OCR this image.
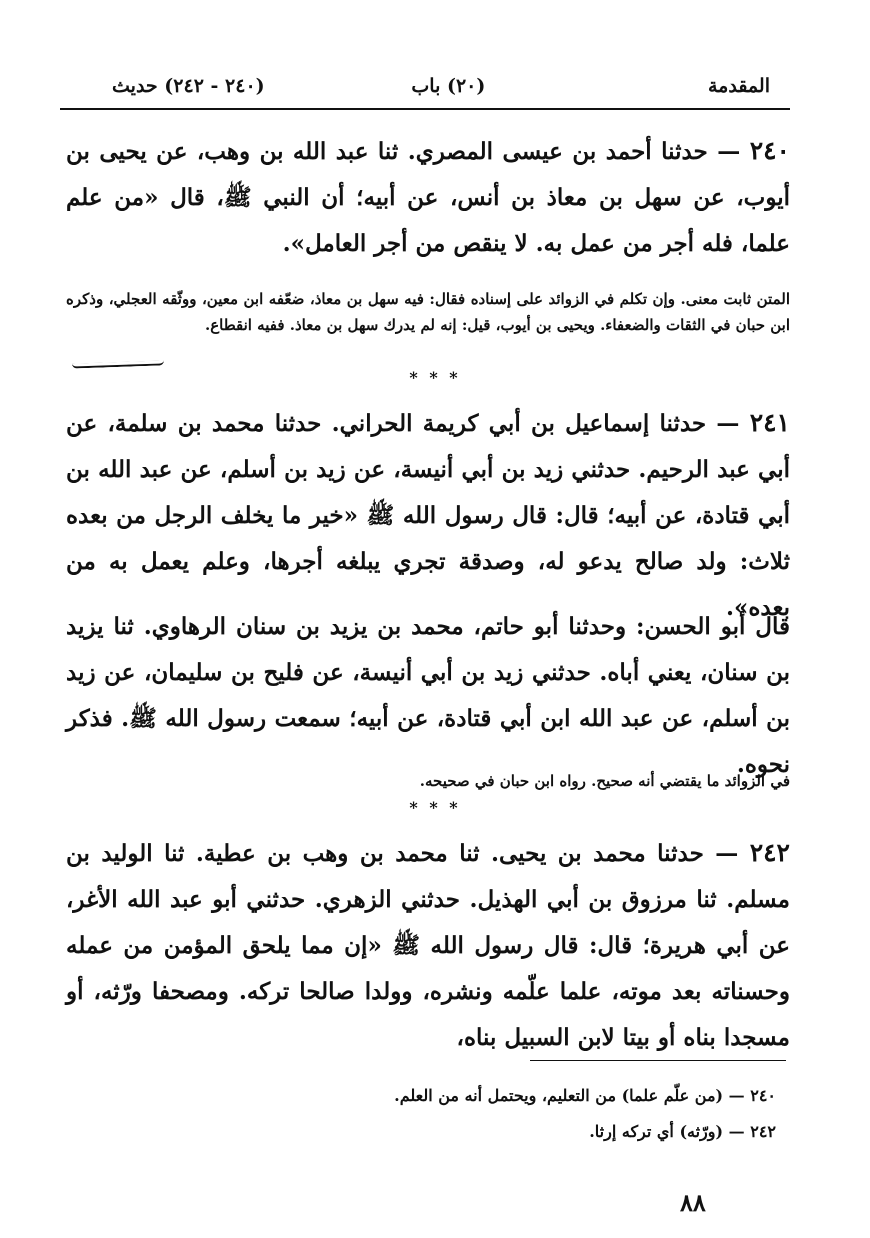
المقدمة
(٢٠) باب
(٢٤٠ - ٢٤٢) حديث
٢٤٠ — حدثنا أحمد بن عيسى المصري. ثنا عبد الله بن وهب، عن يحيى بن أيوب، عن سهل بن معاذ بن أنس، عن أبيه؛ أن النبي ﷺ، قال «من علم علما، فله أجر من عمل به. لا ينقص من أجر العامل».
المتن ثابت معنى. وإن تكلم في الزوائد على إسناده فقال: فيه سهل بن معاذ، ضعّفه ابن معين، ووثّقه العجلي، وذكره ابن حبان في الثقات والضعفاء. ويحيى بن أيوب، قيل: إنه لم يدرك سهل بن معاذ. ففيه انقطاع.
* * *
٢٤١ — حدثنا إسماعيل بن أبي كريمة الحراني. حدثنا محمد بن سلمة، عن أبي عبد الرحيم. حدثني زيد بن أبي أنيسة، عن زيد بن أسلم، عن عبد الله بن أبي قتادة، عن أبيه؛ قال: قال رسول الله ﷺ «خير ما يخلف الرجل من بعده ثلاث: ولد صالح يدعو له، وصدقة تجري يبلغه أجرها، وعلم يعمل به من بعده».
قال أبو الحسن: وحدثنا أبو حاتم، محمد بن يزيد بن سنان الرهاوي. ثنا يزيد بن سنان، يعني أباه. حدثني زيد بن أبي أنيسة، عن فليح بن سليمان، عن زيد بن أسلم، عن عبد الله ابن أبي قتادة، عن أبيه؛ سمعت رسول الله ﷺ. فذكر نحوه.
في الزوائد ما يقتضي أنه صحيح. رواه ابن حبان في صحيحه.
* * *
٢٤٢ — حدثنا محمد بن يحيى. ثنا محمد بن وهب بن عطية. ثنا الوليد بن مسلم. ثنا مرزوق بن أبي الهذيل. حدثني الزهري. حدثني أبو عبد الله الأغر، عن أبي هريرة؛ قال: قال رسول الله ﷺ «إن مما يلحق المؤمن من عمله وحسناته بعد موته، علما علّمه ونشره، وولدا صالحا تركه. ومصحفا ورّثه، أو مسجدا بناه أو بيتا لابن السبيل بناه،
٢٤٠ — (من علّم علما) من التعليم، ويحتمل أنه من العلم.
٢٤٢ — (ورّثه) أي تركه إرثا.
٨٨
